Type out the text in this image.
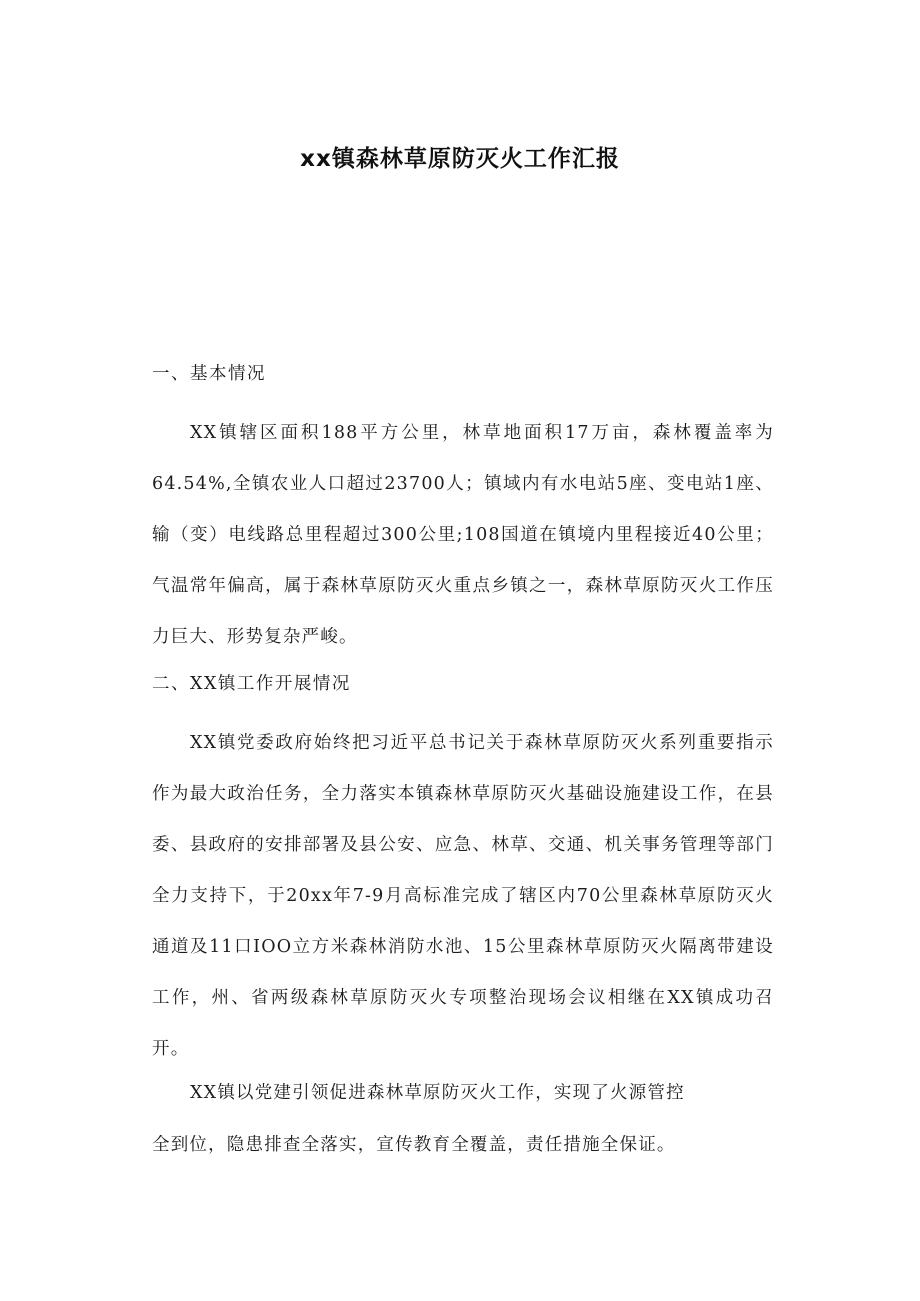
xx镇森林草原防灭火工作汇报
一、基本情况
XX镇辖区面积188平方公里，林草地面积17万亩，森林覆盖率为64.54%,全镇农业人口超过23700人；镇域内有水电站5座、变电站1座、输（变）电线路总里程超过300公里;108国道在镇境内里程接近40公里；气温常年偏高，属于森林草原防灭火重点乡镇之一，森林草原防灭火工作压力巨大、形势复杂严峻。
二、XX镇工作开展情况
XX镇党委政府始终把习近平总书记关于森林草原防灭火系列重要指示作为最大政治任务，全力落实本镇森林草原防灭火基础设施建设工作，在县委、县政府的安排部署及县公安、应急、林草、交通、机关事务管理等部门全力支持下，于20xx年7-9月高标准完成了辖区内70公里森林草原防灭火通道及11口IOO立方米森林消防水池、15公里森林草原防灭火隔离带建设工作，州、省两级森林草原防灭火专项整治现场会议相继在XX镇成功召开。
XX镇以党建引领促进森林草原防灭火工作，实现了火源管控
全到位，隐患排查全落实，宣传教育全覆盖，责任措施全保证。
